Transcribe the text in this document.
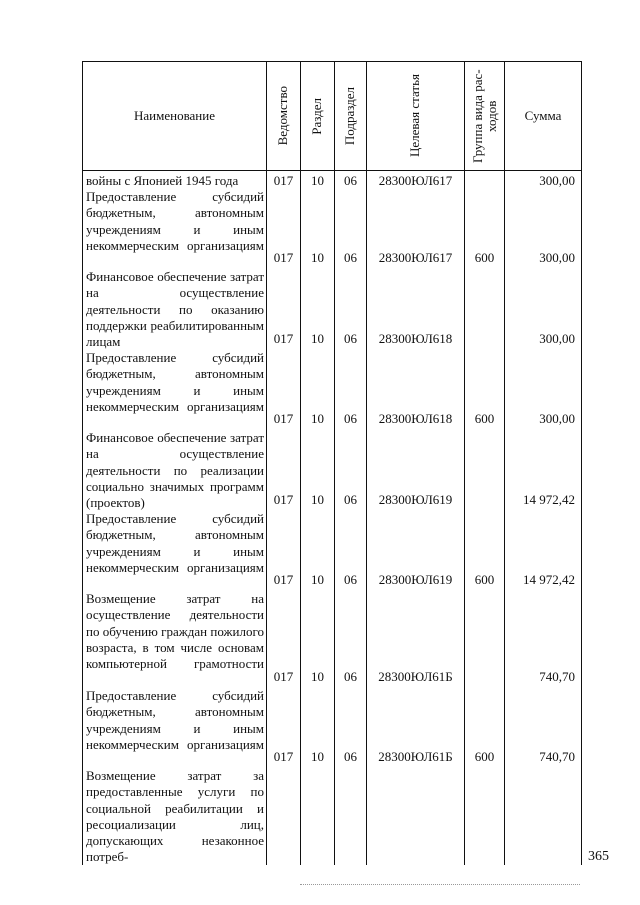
Наименование	Ведомство	Раздел	Подраздел	Целевая статья	Группа вида рас-ходов	Сумма
войны с Японией 1945 года	017	10	06	28300ЮЛ617		300,00
Предоставление субсидий бюджетным, автономным учреждениям и иным некоммерческим организациям	017	10	06	28300ЮЛ617	600	300,00
Финансовое обеспечение затрат на осуществление деятельности по оказанию поддержки реабилитированным лицам	017	10	06	28300ЮЛ618		300,00
Предоставление субсидий бюджетным, автономным учреждениям и иным некоммерческим организациям	017	10	06	28300ЮЛ618	600	300,00
Финансовое обеспечение затрат на осуществление деятельности по реализации социально значимых программ (проектов)	017	10	06	28300ЮЛ619		14 972,42
Предоставление субсидий бюджетным, автономным учреждениям и иным некоммерческим организациям	017	10	06	28300ЮЛ619	600	14 972,42
Возмещение затрат на осуществление деятельности по обучению граждан пожилого возраста, в том числе основам компьютерной грамотности	017	10	06	28300ЮЛ61Б		740,70
Предоставление субсидий бюджетным, автономным учреждениям и иным некоммерческим организациям	017	10	06	28300ЮЛ61Б	600	740,70
Возмещение затрат за предоставленные услуги по социальной реабилитации и ресоциализации лиц, допускающих незаконное потреб-							365
